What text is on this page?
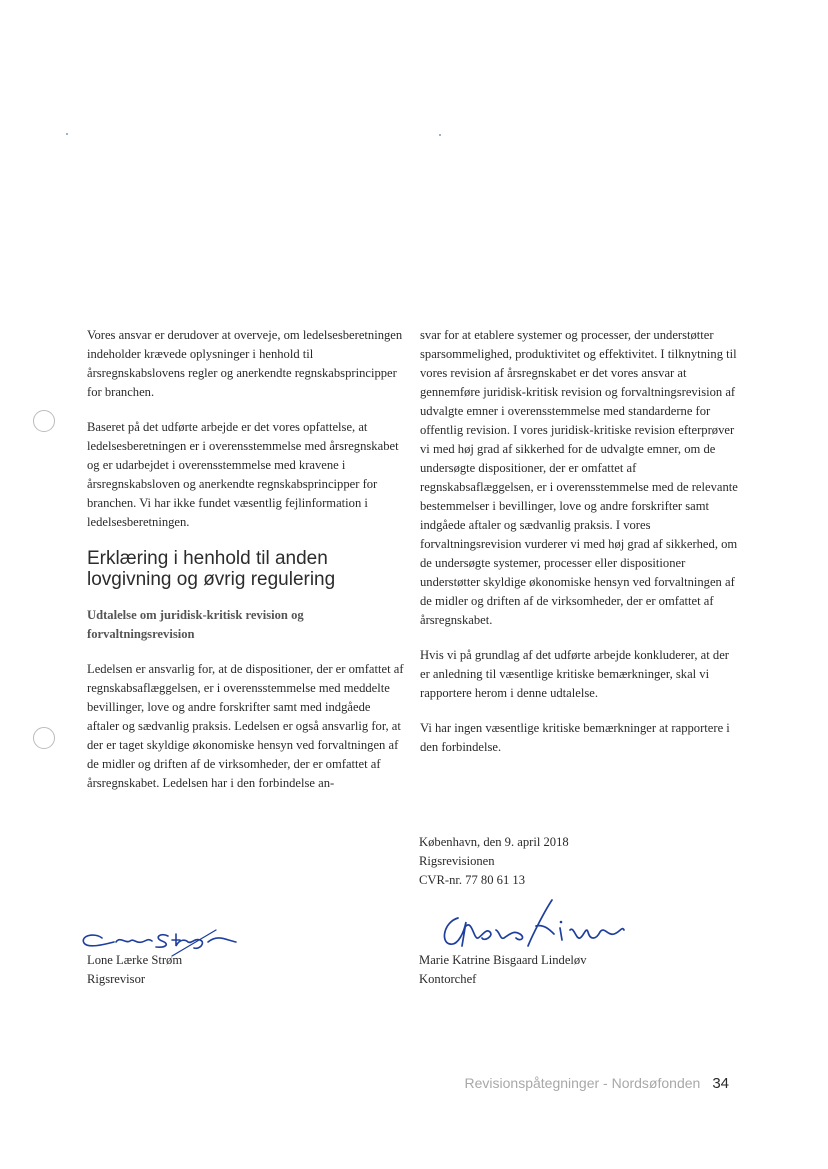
Vores ansvar er derudover at overveje, om ledelsesberetningen indeholder krævede oplysninger i henhold til årsregnskabslovens regler og anerkendte regnskabsprincipper for branchen.

Baseret på det udførte arbejde er det vores opfattelse, at ledelsesberetningen er i overensstemmelse med årsregnskabet og er udarbejdet i overensstemmelse med kravene i årsregnskabsloven og anerkendte regnskabsprincipper for branchen. Vi har ikke fundet væsentlig fejlinformation i ledelsesberetningen.

Erklæring i henhold til anden lovgivning og øvrig regulering

Udtalelse om juridisk-kritisk revision og forvaltningsrevision

Ledelsen er ansvarlig for, at de dispositioner, der er omfattet af regnskabsaflæggelsen, er i overensstemmelse med meddelte bevillinger, love og andre forskrifter samt med indgåede aftaler og sædvanlig praksis. Ledelsen er også ansvarlig for, at der er taget skyldige økonomiske hensyn ved forvaltningen af de midler og driften af de virksomheder, der er omfattet af årsregnskabet. Ledelsen har i den forbindelse an-

svar for at etablere systemer og processer, der understøtter sparsommelighed, produktivitet og effektivitet. I tilknytning til vores revision af årsregnskabet er det vores ansvar at gennemføre juridisk-kritisk revision og forvaltningsrevision af udvalgte emner i overensstemmelse med standarderne for offentlig revision. I vores juridisk-kritiske revision efterprøver vi med høj grad af sikkerhed for de udvalgte emner, om de undersøgte dispositioner, der er omfattet af regnskabsaflæggelsen, er i overensstemmelse med de relevante bestemmelser i bevillinger, love og andre forskrifter samt indgåede aftaler og sædvanlig praksis. I vores forvaltningsrevision vurderer vi med høj grad af sikkerhed, om de undersøgte systemer, processer eller dispositioner understøtter skyldige økonomiske hensyn ved forvaltningen af de midler og driften af de virksomheder, der er omfattet af årsregnskabet.

Hvis vi på grundlag af det udførte arbejde konkluderer, at der er anledning til væsentlige kritiske bemærkninger, skal vi rapportere herom i denne udtalelse.

Vi har ingen væsentlige kritiske bemærkninger at rapportere i den forbindelse.

København, den 9. april 2018
Rigsrevisionen
CVR-nr. 77 80 61 13
Lone Lærke Strøm
Rigsrevisor
Marie Katrine Bisgaard Lindeløv
Kontorchef
Revisionspåtegninger - Nordsøfonden 34
